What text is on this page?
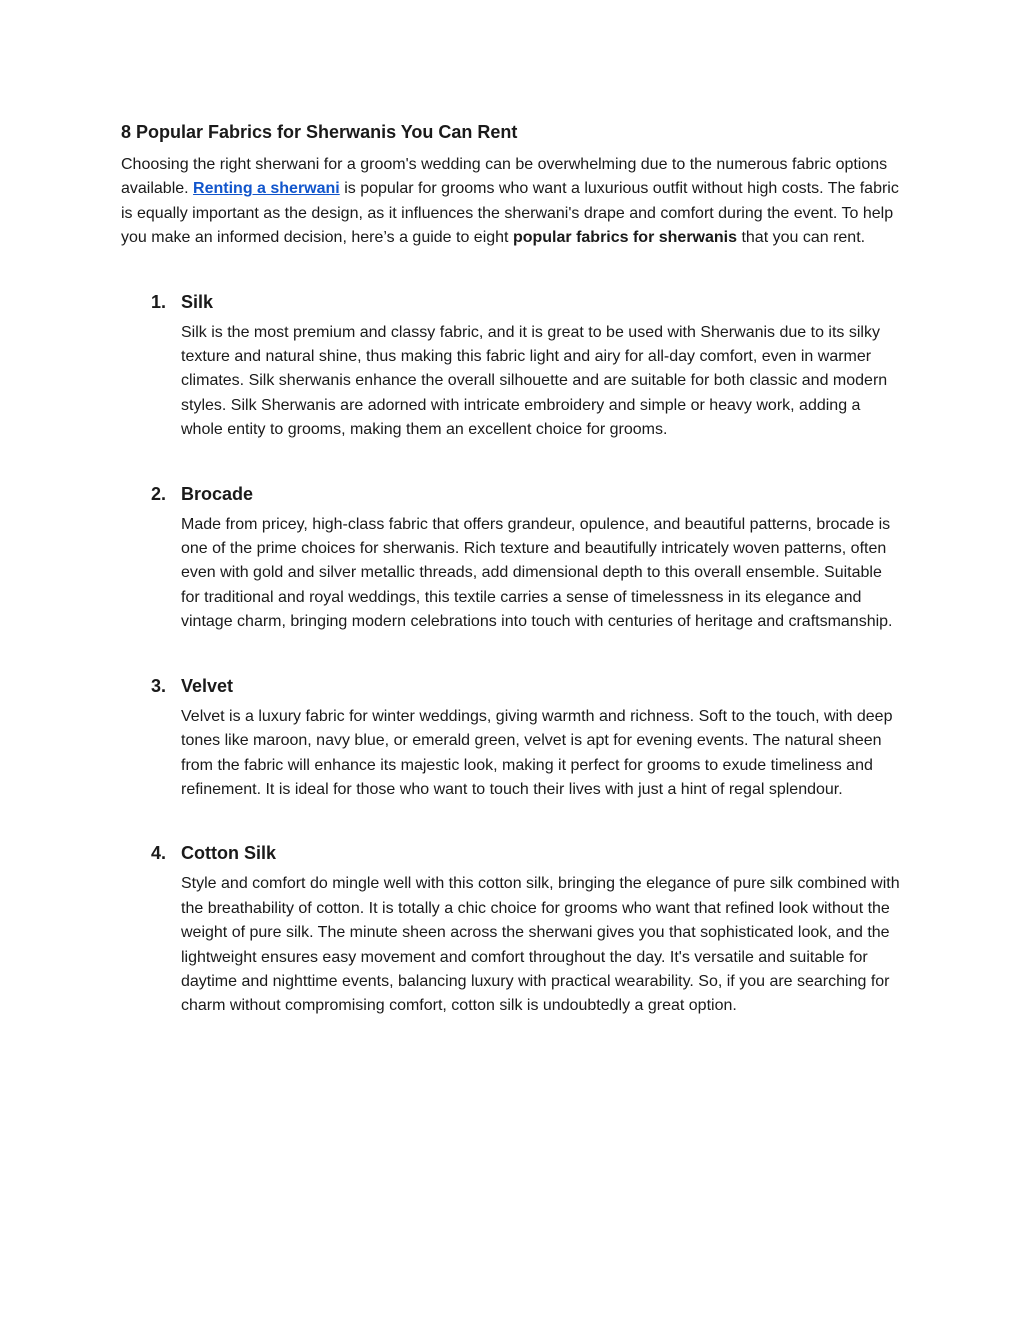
8 Popular Fabrics for Sherwanis You Can Rent

Choosing the right sherwani for a groom's wedding can be overwhelming due to the numerous fabric options available. Renting a sherwani is popular for grooms who want a luxurious outfit without high costs. The fabric is equally important as the design, as it influences the sherwani's drape and comfort during the event. To help you make an informed decision, here’s a guide to eight popular fabrics for sherwanis that you can rent.

1. Silk

Silk is the most premium and classy fabric, and it is great to be used with Sherwanis due to its silky texture and natural shine, thus making this fabric light and airy for all-day comfort, even in warmer climates. Silk sherwanis enhance the overall silhouette and are suitable for both classic and modern styles. Silk Sherwanis are adorned with intricate embroidery and simple or heavy work, adding a whole entity to grooms, making them an excellent choice for grooms.

2. Brocade

Made from pricey, high-class fabric that offers grandeur, opulence, and beautiful patterns, brocade is one of the prime choices for sherwanis. Rich texture and beautifully intricately woven patterns, often even with gold and silver metallic threads, add dimensional depth to this overall ensemble. Suitable for traditional and royal weddings, this textile carries a sense of timelessness in its elegance and vintage charm, bringing modern celebrations into touch with centuries of heritage and craftsmanship.

3. Velvet

Velvet is a luxury fabric for winter weddings, giving warmth and richness. Soft to the touch, with deep tones like maroon, navy blue, or emerald green, velvet is apt for evening events. The natural sheen from the fabric will enhance its majestic look, making it perfect for grooms to exude timeliness and refinement. It is ideal for those who want to touch their lives with just a hint of regal splendour.

4. Cotton Silk

Style and comfort do mingle well with this cotton silk, bringing the elegance of pure silk combined with the breathability of cotton. It is totally a chic choice for grooms who want that refined look without the weight of pure silk. The minute sheen across the sherwani gives you that sophisticated look, and the lightweight ensures easy movement and comfort throughout the day. It's versatile and suitable for daytime and nighttime events, balancing luxury with practical wearability. So, if you are searching for charm without compromising comfort, cotton silk is undoubtedly a great option.
